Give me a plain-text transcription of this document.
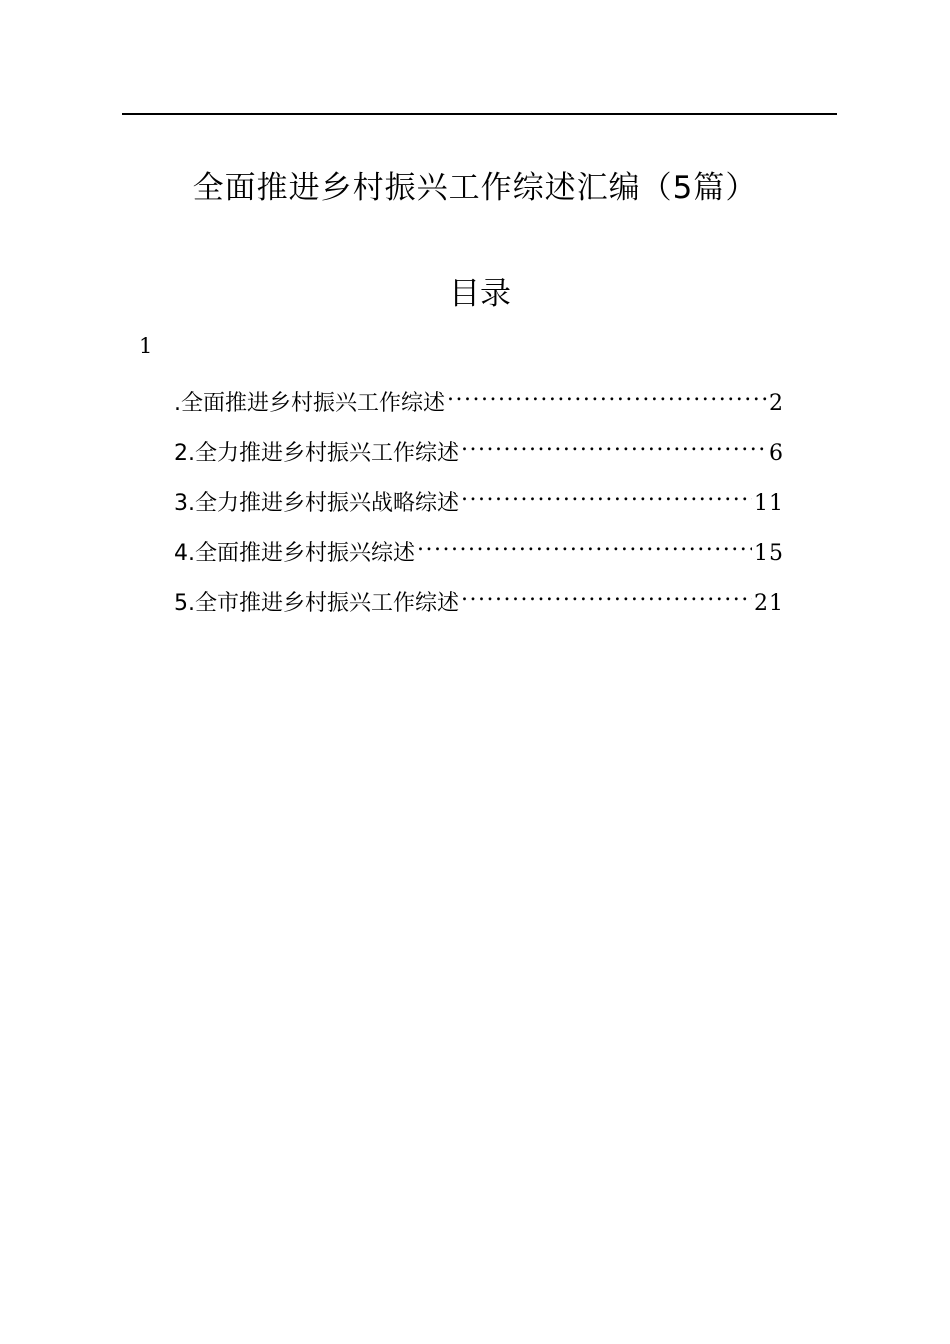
全面推进乡村振兴工作综述汇编（5篇）
目录
1
.全面推进乡村振兴工作综述 .....	2
2.全力推进乡村振兴工作综述 .....	6
3.全力推进乡村振兴战略综述 .....	11
4.全面推进乡村振兴综述 .....	15
5.全市推进乡村振兴工作综述 .....	21
